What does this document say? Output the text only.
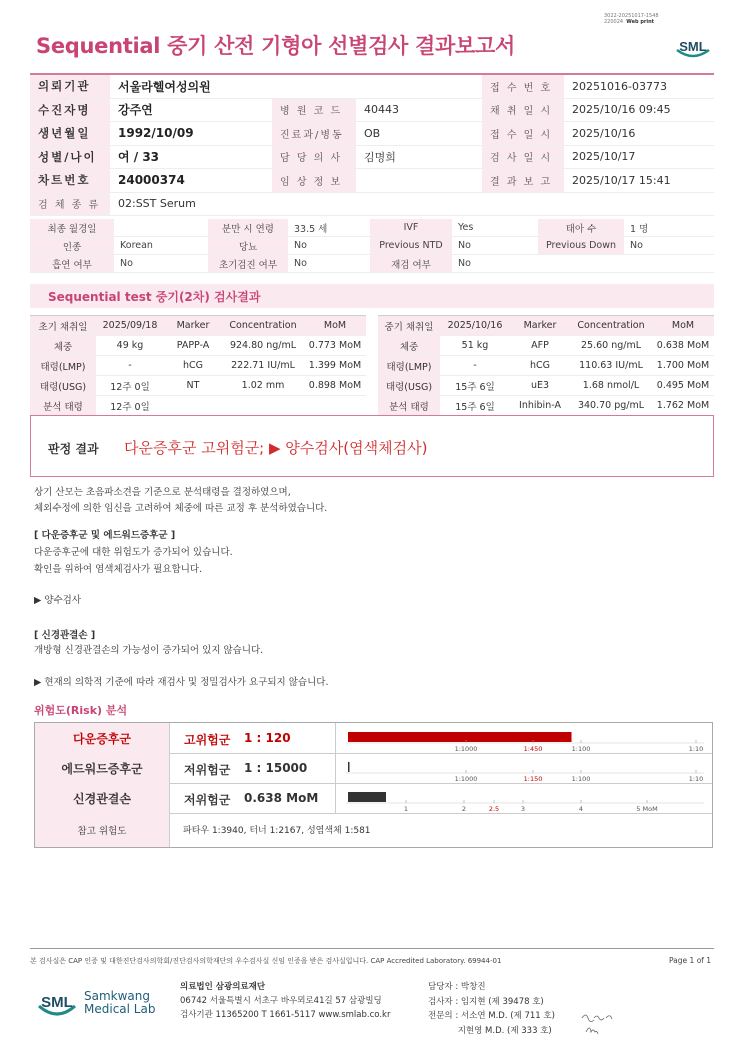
3022-20251017-1548
220024 Web print
Sequential 중기 산전 기형아 선별검사 결과보고서	SML
의뢰기관	서울라헬여성의원			접 수 번 호	20251016-03773
수진자명	강주연	병 원 코 드	40443	채 취 일 시	2025/10/16 09:45
생년월일	1992/10/09	진료과/병동	OB	접 수 일 시	2025/10/16
성별/나이	여 / 33	담 당 의 사	김명희	검 사 일 시	2025/10/17
차트번호	24000374	임 상 정 보		결 과 보 고	2025/10/17 15:41
검 체 종 류	02:SST Serum				
최종 월경일		분만 시 연령	33.5 세	IVF	Yes	태아 수	1 명
인종	Korean	당뇨	No	Previous NTD	No	Previous Down	No
흡연 여부	No	초기검진 여부	No	재검 여부	No		
Sequential test 중기(2차) 검사결과
초기 채취일	2025/09/18	Marker	Concentration	MoM
체중	49 kg	PAPP-A	924.80 ng/mL	0.773 MoM
태령(LMP)	-	hCG	222.71 IU/mL	1.399 MoM
태령(USG)	12주 0일	NT	1.02 mm	0.898 MoM
분석 태령	12주 0일			
중기 채취일	2025/10/16	Marker	Concentration	MoM
체중	51 kg	AFP	25.60 ng/mL	0.638 MoM
태령(LMP)	-	hCG	110.63 IU/mL	1.700 MoM
태령(USG)	15주 6일	uE3	1.68 nmol/L	0.495 MoM
분석 태령	15주 6일	Inhibin-A	340.70 pg/mL	1.762 MoM
판정 결과 다운증후군 고위험군; ▶ 양수검사(염색체검사)
상기 산모는 초음파소견을 기준으로 분석태령을 결정하였으며,
체외수정에 의한 임신을 고려하여 체중에 따른 교정 후 분석하였습니다.
[ 다운증후군 및 에드워드증후군 ]
다운증후군에 대한 위험도가 증가되어 있습니다.
확인을 위하여 염색체검사가 필요합니다.
▶ 양수검사
[ 신경관결손 ]
개방형 신경관결손의 가능성이 증가되어 있지 않습니다.
▶ 현재의 의학적 기준에 따라 재검사 및 정밀검사가 요구되지 않습니다.
위험도(Risk) 분석
다운증후군	고위험군 1 : 120
1:1000	1:450	1:100	1:10
에드워드증후군	저위험군 1 : 15000
1:1000	1:150	1:100	1:10
신경관결손	저위험군 0.638 MoM
1	2	2.5	3	4	5 MoM
참고 위험도	파타우 1:3940, 터너 1:2167, 성염색체 1:581
본 검사실은 CAP 인증 및 대한진단검사의학회/진단검사의학재단의 우수검사실 신임 인증을 받은 검사실입니다. CAP Accredited Laboratory. 69944-01	Page 1 of 1
SML Samkwang
Medical Lab
의료법인 삼광의료재단
06742 서울특별시 서초구 바우뫼로41길 57 삼광빌딩
검사기관 11365200 T 1661-5117 www.smlab.co.kr
담당자 : 박창진
검사자 : 임지현 (제 39478 호)
전문의 : 서소연 M.D. (제 711 호)
지현영 M.D. (제 333 호)
